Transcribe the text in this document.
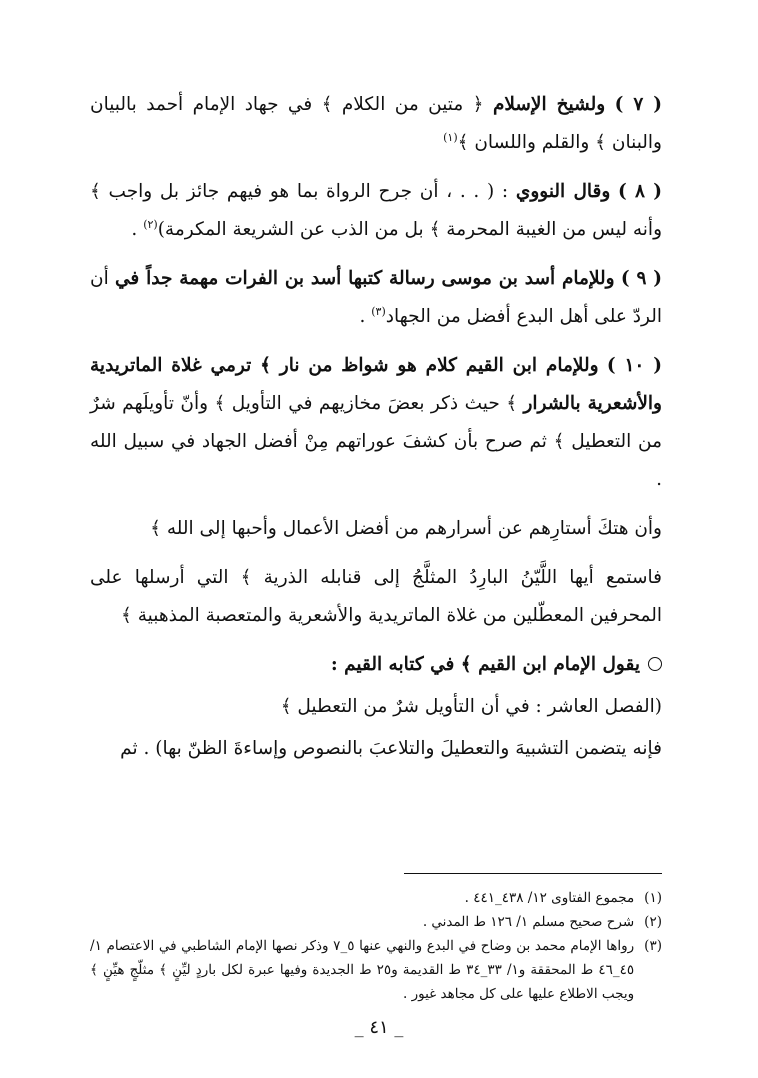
( ٧ ) ولشيخ الإسلام ﴿ متين من الكلام ﴾ في جهاد الإمام أحمد بالبيان والبنان ﴾ والقلم واللسان ﴾$^{(١)}$

( ٨ ) وقال النووي : ( . . ، أن جرح الرواة بما هو فيهم جائز بل واجب ﴾ وأنه ليس من الغيبة المحرمة ﴾ بل من الذب عن الشريعة المكرمة)$^{(٢)}$ .

( ٩ ) وللإمام أسد بن موسى رسالة كتبها أسد بن الفرات مهمة جداً في أن الردّ على أهل البدع أفضل من الجهاد$^{(٣)}$ .

( ١٠ ) وللإمام ابن القيم كلام هو شواظ من نار ﴾ ترمي غلاة الماتريدية والأشعرية بالشرار ﴾ حيث ذكر بعضَ مخازيهم في التأويل ﴾ وأنّ تأويلَهم شرٌ من التعطيل ﴾ ثم صرح بأن كشفَ عوراتهم مِنْ أفضل الجهاد في سبيل الله .

وأن هتكَ أستارِهم عن أسرارهم من أفضل الأعمال وأحبها إلى الله ﴾

فاستمع أيها اللَّيّنُ البارِدُ المثلَّجُ إلى قنابله الذرية ﴾ التي أرسلها على المحرفين المعطّلين من غلاة الماتريدية والأشعرية والمتعصبة المذهبية ﴾

يقول الإمام ابن القيم ﴾ في كتابه القيم :

(الفصل العاشر : في أن التأويل شرٌ من التعطيل ﴾

فإنه يتضمن التشبيهَ والتعطيلَ والتلاعبَ بالنصوص وإساءةَ الظنّ بها) . ثم

(١)
مجموع الفتاوى ١٢/ ٤٣٨_٤٤١ .

(٢)
شرح صحيح مسلم ١/ ١٢٦ ط المدني .

(٣)
رواها الإمام محمد بن وضاح في البدع والنهي عنها ٥_٧ وذكر نصها الإمام الشاطبي في الاعتصام ١/ ٤٥_٤٦ ط المحققة و١/ ٣٣_٣٤ ط القديمة و٢٥ ط الجديدة وفيها عبرة لكل باردٍ ليِّنٍ ﴾ مثلّجٍ هيِّنٍ ﴾ ويجب الاطلاع عليها على كل مجاهد غيور .

_ ٤١ _
